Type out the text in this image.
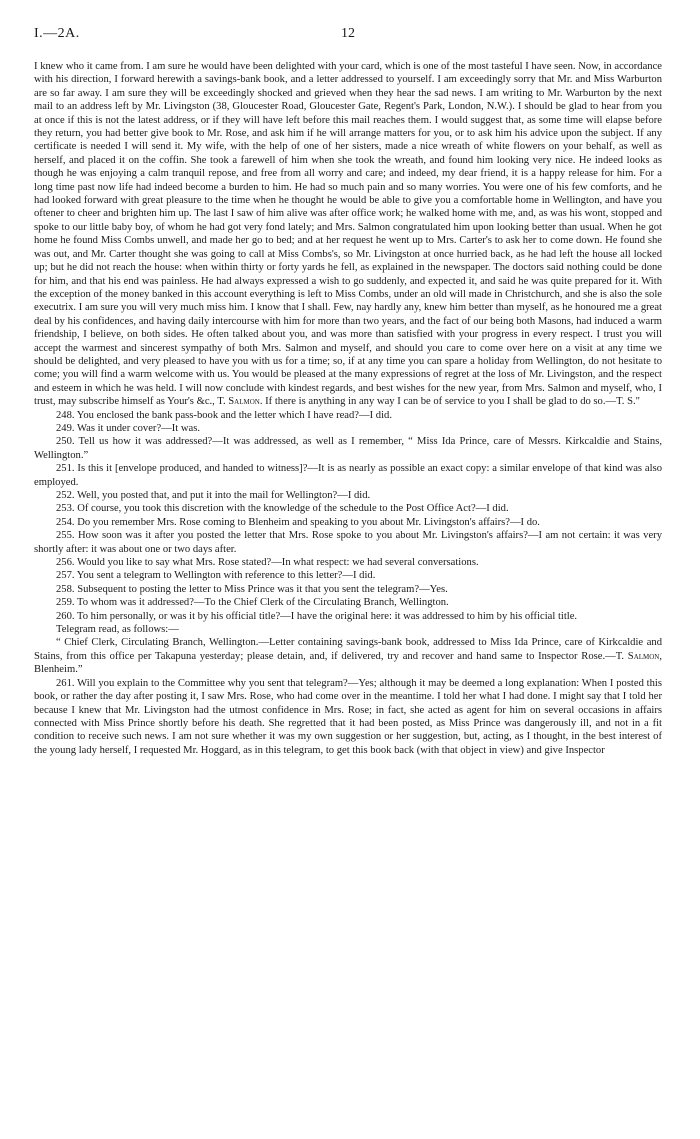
I.—2A.	12

I knew who it came from. I am sure he would have been delighted with your card, which is one of the most tasteful I have seen. Now, in accordance with his direction, I forward herewith a savings-bank book, and a letter addressed to yourself. I am exceedingly sorry that Mr. and Miss Warburton are so far away. I am sure they will be exceedingly shocked and grieved when they hear the sad news. I am writing to Mr. Warburton by the next mail to an address left by Mr. Livingston (38, Gloucester Road, Gloucester Gate, Regent's Park, London, N.W.). I should be glad to hear from you at once if this is not the latest address, or if they will have left before this mail reaches them. I would suggest that, as some time will elapse before they return, you had better give book to Mr. Rose, and ask him if he will arrange matters for you, or to ask him his advice upon the subject. If any certificate is needed I will send it. My wife, with the help of one of her sisters, made a nice wreath of white flowers on your behalf, as well as herself, and placed it on the coffin. She took a farewell of him when she took the wreath, and found him looking very nice. He indeed looks as though he was enjoying a calm tranquil repose, and free from all worry and care; and indeed, my dear friend, it is a happy release for him. For a long time past now life had indeed become a burden to him. He had so much pain and so many worries. You were one of his few comforts, and he had looked forward with great pleasure to the time when he thought he would be able to give you a comfortable home in Wellington, and have you oftener to cheer and brighten him up. The last I saw of him alive was after office work; he walked home with me, and, as was his wont, stopped and spoke to our little baby boy, of whom he had got very fond lately; and Mrs. Salmon congratulated him upon looking better than usual. When he got home he found Miss Combs unwell, and made her go to bed; and at her request he went up to Mrs. Carter's to ask her to come down. He found she was out, and Mr. Carter thought she was going to call at Miss Combs's, so Mr. Livingston at once hurried back, as he had left the house all locked up; but he did not reach the house: when within thirty or forty yards he fell, as explained in the newspaper. The doctors said nothing could be done for him, and that his end was painless. He had always expressed a wish to go suddenly, and expected it, and said he was quite prepared for it. With the exception of the money banked in this account everything is left to Miss Combs, under an old will made in Christchurch, and she is also the sole executrix. I am sure you will very much miss him. I know that I shall. Few, nay hardly any, knew him better than myself, as he honoured me a great deal by his confidences, and having daily intercourse with him for more than two years, and the fact of our being both Masons, had induced a warm friendship, I believe, on both sides. He often talked about you, and was more than satisfied with your progress in every respect. I trust you will accept the warmest and sincerest sympathy of both Mrs. Salmon and myself, and should you care to come over here on a visit at any time we should be delighted, and very pleased to have you with us for a time; so, if at any time you can spare a holiday from Wellington, do not hesitate to come; you will find a warm welcome with us. You would be pleased at the many expressions of regret at the loss of Mr. Livingston, and the respect and esteem in which he was held. I will now conclude with kindest regards, and best wishes for the new year, from Mrs. Salmon and myself, who, I trust, may subscribe himself as Your's &c., T. Salmon. If there is anything in any way I can be of service to you I shall be glad to do so.—T. S."

248. You enclosed the bank pass-book and the letter which I have read?—I did.

249. Was it under cover?—It was.

250. Tell us how it was addressed?—It was addressed, as well as I remember, “ Miss Ida Prince, care of Messrs. Kirkcaldie and Stains, Wellington.”

251. Is this it [envelope produced, and handed to witness]?—It is as nearly as possible an exact copy: a similar envelope of that kind was also employed.

252. Well, you posted that, and put it into the mail for Wellington?—I did.

253. Of course, you took this discretion with the knowledge of the schedule to the Post Office Act?—I did.

254. Do you remember Mrs. Rose coming to Blenheim and speaking to you about Mr. Livingston's affairs?—I do.

255. How soon was it after you posted the letter that Mrs. Rose spoke to you about Mr. Livingston's affairs?—I am not certain: it was very shortly after: it was about one or two days after.

256. Would you like to say what Mrs. Rose stated?—In what respect: we had several conversations.

257. You sent a telegram to Wellington with reference to this letter?—I did.

258. Subsequent to posting the letter to Miss Prince was it that you sent the telegram?—Yes.

259. To whom was it addressed?—To the Chief Clerk of the Circulating Branch, Wellington.

260. To him personally, or was it by his official title?—I have the original here: it was addressed to him by his official title.

Telegram read, as follows:—

“ Chief Clerk, Circulating Branch, Wellington.—Letter containing savings-bank book, addressed to Miss Ida Prince, care of Kirkcaldie and Stains, from this office per Takapuna yesterday; please detain, and, if delivered, try and recover and hand same to Inspector Rose.—T. Salmon, Blenheim.”

261. Will you explain to the Committee why you sent that telegram?—Yes; although it may be deemed a long explanation: When I posted this book, or rather the day after posting it, I saw Mrs. Rose, who had come over in the meantime. I told her what I had done. I might say that I told her because I knew that Mr. Livingston had the utmost confidence in Mrs. Rose; in fact, she acted as agent for him on several occasions in affairs connected with Miss Prince shortly before his death. She regretted that it had been posted, as Miss Prince was dangerously ill, and not in a fit condition to receive such news. I am not sure whether it was my own suggestion or her suggestion, but, acting, as I thought, in the best interest of the young lady herself, I requested Mr. Hoggard, as in this telegram, to get this book back (with that object in view) and give Inspector
